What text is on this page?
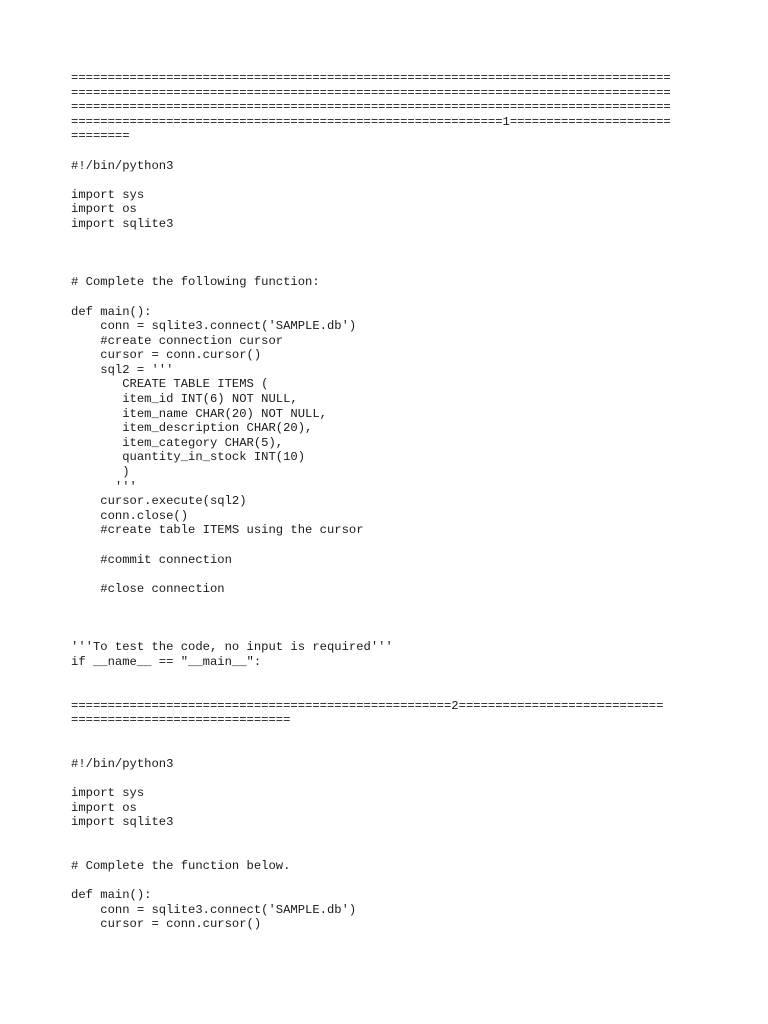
==================================================================================
==================================================================================
==================================================================================
===========================================================1======================
========
#!/bin/python3
import sys
import os
import sqlite3
# Complete the following function:
def main():
conn = sqlite3.connect('SAMPLE.db')
#create connection cursor
cursor = conn.cursor()
sql2 = '''
CREATE TABLE ITEMS (
item_id INT(6) NOT NULL,
item_name CHAR(20) NOT NULL,
item_description CHAR(20),
item_category CHAR(5),
quantity_in_stock INT(10)
)
'''
cursor.execute(sql2)
conn.close()
#create table ITEMS using the cursor
#commit connection
#close connection
'''To test the code, no input is required'''
if __name__ == "__main__":
====================================================2============================
==============================
#!/bin/python3
import sys
import os
import sqlite3
# Complete the function below.
def main():
conn = sqlite3.connect('SAMPLE.db')
cursor = conn.cursor()
